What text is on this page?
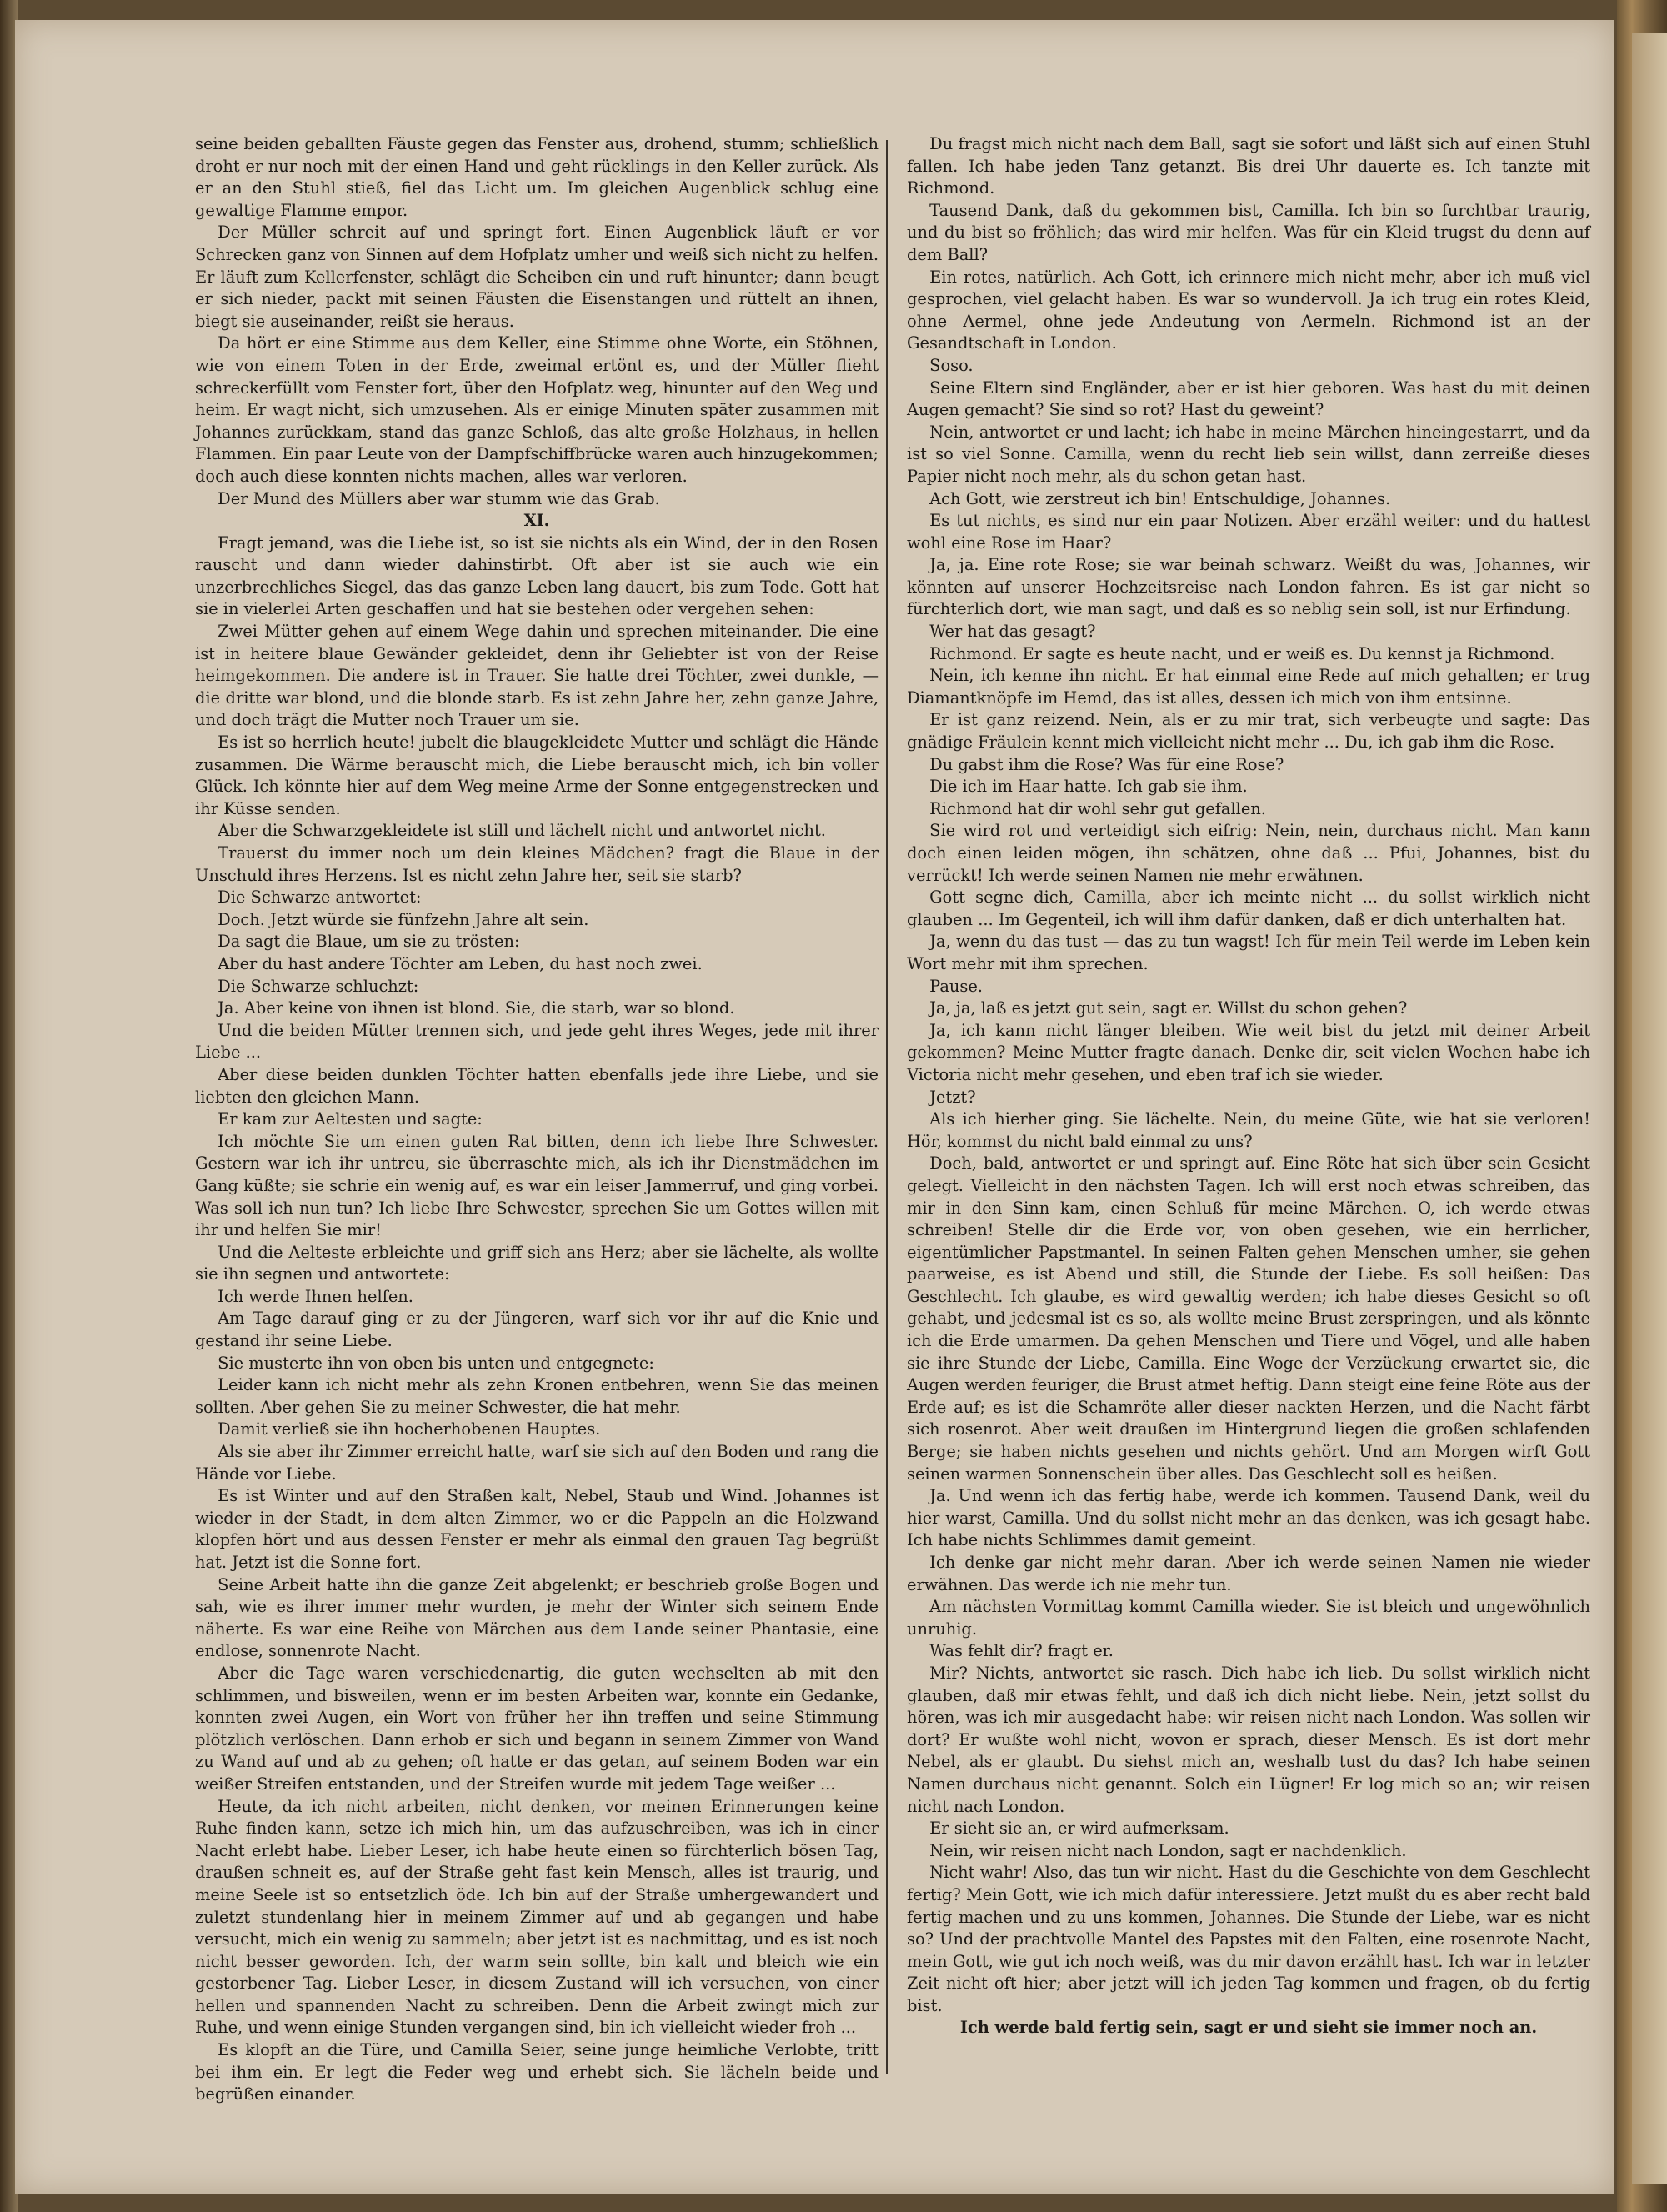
seine beiden geballten Fäuste gegen das Fenster aus, drohend, stumm; schließlich droht er nur noch mit der einen Hand und geht rücklings in den Keller zurück. Als er an den Stuhl stieß, fiel das Licht um. Im gleichen Augenblick schlug eine gewaltige Flamme empor.

Der Müller schreit auf und springt fort. Einen Augenblick läuft er vor Schrecken ganz von Sinnen auf dem Hofplatz umher und weiß sich nicht zu helfen. Er läuft zum Kellerfenster, schlägt die Scheiben ein und ruft hinunter; dann beugt er sich nieder, packt mit seinen Fäusten die Eisenstangen und rüttelt an ihnen, biegt sie auseinander, reißt sie heraus.

Da hört er eine Stimme aus dem Keller, eine Stimme ohne Worte, ein Stöhnen, wie von einem Toten in der Erde, zweimal ertönt es, und der Müller flieht schreckerfüllt vom Fenster fort, über den Hofplatz weg, hinunter auf den Weg und heim. Er wagt nicht, sich umzusehen. Als er einige Minuten später zusammen mit Johannes zurückkam, stand das ganze Schloß, das alte große Holzhaus, in hellen Flammen. Ein paar Leute von der Dampfschiffbrücke waren auch hinzugekommen; doch auch diese konnten nichts machen, alles war verloren.

Der Mund des Müllers aber war stumm wie das Grab.

XI.

Fragt jemand, was die Liebe ist, so ist sie nichts als ein Wind, der in den Rosen rauscht und dann wieder dahinstirbt. Oft aber ist sie auch wie ein unzerbrechliches Siegel, das das ganze Leben lang dauert, bis zum Tode. Gott hat sie in vielerlei Arten geschaffen und hat sie bestehen oder vergehen sehen:

Zwei Mütter gehen auf einem Wege dahin und sprechen miteinander. Die eine ist in heitere blaue Gewänder gekleidet, denn ihr Geliebter ist von der Reise heimgekommen. Die andere ist in Trauer. Sie hatte drei Töchter, zwei dunkle, — die dritte war blond, und die blonde starb. Es ist zehn Jahre her, zehn ganze Jahre, und doch trägt die Mutter noch Trauer um sie.

Es ist so herrlich heute! jubelt die blaugekleidete Mutter und schlägt die Hände zusammen. Die Wärme berauscht mich, die Liebe berauscht mich, ich bin voller Glück. Ich könnte hier auf dem Weg meine Arme der Sonne entgegenstrecken und ihr Küsse senden.

Aber die Schwarzgekleidete ist still und lächelt nicht und antwortet nicht.

Trauerst du immer noch um dein kleines Mädchen? fragt die Blaue in der Unschuld ihres Herzens. Ist es nicht zehn Jahre her, seit sie starb?

Die Schwarze antwortet:

Doch. Jetzt würde sie fünfzehn Jahre alt sein.

Da sagt die Blaue, um sie zu trösten:

Aber du hast andere Töchter am Leben, du hast noch zwei.

Die Schwarze schluchzt:

Ja. Aber keine von ihnen ist blond. Sie, die starb, war so blond.

Und die beiden Mütter trennen sich, und jede geht ihres Weges, jede mit ihrer Liebe ...

Aber diese beiden dunklen Töchter hatten ebenfalls jede ihre Liebe, und sie liebten den gleichen Mann.

Er kam zur Aeltesten und sagte:

Ich möchte Sie um einen guten Rat bitten, denn ich liebe Ihre Schwester. Gestern war ich ihr untreu, sie überraschte mich, als ich ihr Dienstmädchen im Gang küßte; sie schrie ein wenig auf, es war ein leiser Jammerruf, und ging vorbei. Was soll ich nun tun? Ich liebe Ihre Schwester, sprechen Sie um Gottes willen mit ihr und helfen Sie mir!

Und die Aelteste erbleichte und griff sich ans Herz; aber sie lächelte, als wollte sie ihn segnen und antwortete:

Ich werde Ihnen helfen.

Am Tage darauf ging er zu der Jüngeren, warf sich vor ihr auf die Knie und gestand ihr seine Liebe.

Sie musterte ihn von oben bis unten und entgegnete:

Leider kann ich nicht mehr als zehn Kronen entbehren, wenn Sie das meinen sollten. Aber gehen Sie zu meiner Schwester, die hat mehr.

Damit verließ sie ihn hocherhobenen Hauptes.

Als sie aber ihr Zimmer erreicht hatte, warf sie sich auf den Boden und rang die Hände vor Liebe.

Es ist Winter und auf den Straßen kalt, Nebel, Staub und Wind. Johannes ist wieder in der Stadt, in dem alten Zimmer, wo er die Pappeln an die Holzwand klopfen hört und aus dessen Fenster er mehr als einmal den grauen Tag begrüßt hat. Jetzt ist die Sonne fort.

Seine Arbeit hatte ihn die ganze Zeit abgelenkt; er beschrieb große Bogen und sah, wie es ihrer immer mehr wurden, je mehr der Winter sich seinem Ende näherte. Es war eine Reihe von Märchen aus dem Lande seiner Phantasie, eine endlose, sonnenrote Nacht.

Aber die Tage waren verschiedenartig, die guten wechselten ab mit den schlimmen, und bisweilen, wenn er im besten Arbeiten war, konnte ein Gedanke, konnten zwei Augen, ein Wort von früher her ihn treffen und seine Stimmung plötzlich verlöschen. Dann erhob er sich und begann in seinem Zimmer von Wand zu Wand auf und ab zu gehen; oft hatte er das getan, auf seinem Boden war ein weißer Streifen entstanden, und der Streifen wurde mit jedem Tage weißer ...

Heute, da ich nicht arbeiten, nicht denken, vor meinen Erinnerungen keine Ruhe finden kann, setze ich mich hin, um das aufzuschreiben, was ich in einer Nacht erlebt habe. Lieber Leser, ich habe heute einen so fürchterlich bösen Tag, draußen schneit es, auf der Straße geht fast kein Mensch, alles ist traurig, und meine Seele ist so entsetzlich öde. Ich bin auf der Straße umhergewandert und zuletzt stundenlang hier in meinem Zimmer auf und ab gegangen und habe versucht, mich ein wenig zu sammeln; aber jetzt ist es nachmittag, und es ist noch nicht besser geworden. Ich, der warm sein sollte, bin kalt und bleich wie ein gestorbener Tag. Lieber Leser, in diesem Zustand will ich versuchen, von einer hellen und spannenden Nacht zu schreiben. Denn die Arbeit zwingt mich zur Ruhe, und wenn einige Stunden vergangen sind, bin ich vielleicht wieder froh ...

Es klopft an die Türe, und Camilla Seier, seine junge heimliche Verlobte, tritt bei ihm ein. Er legt die Feder weg und erhebt sich. Sie lächeln beide und begrüßen einander.

Du fragst mich nicht nach dem Ball, sagt sie sofort und läßt sich auf einen Stuhl fallen. Ich habe jeden Tanz getanzt. Bis drei Uhr dauerte es. Ich tanzte mit Richmond.

Tausend Dank, daß du gekommen bist, Camilla. Ich bin so furchtbar traurig, und du bist so fröhlich; das wird mir helfen. Was für ein Kleid trugst du denn auf dem Ball?

Ein rotes, natürlich. Ach Gott, ich erinnere mich nicht mehr, aber ich muß viel gesprochen, viel gelacht haben. Es war so wundervoll. Ja ich trug ein rotes Kleid, ohne Aermel, ohne jede Andeutung von Aermeln. Richmond ist an der Gesandtschaft in London.

Soso.

Seine Eltern sind Engländer, aber er ist hier geboren. Was hast du mit deinen Augen gemacht? Sie sind so rot? Hast du geweint?

Nein, antwortet er und lacht; ich habe in meine Märchen hineingestarrt, und da ist so viel Sonne. Camilla, wenn du recht lieb sein willst, dann zerreiße dieses Papier nicht noch mehr, als du schon getan hast.

Ach Gott, wie zerstreut ich bin! Entschuldige, Johannes.

Es tut nichts, es sind nur ein paar Notizen. Aber erzähl weiter: und du hattest wohl eine Rose im Haar?

Ja, ja. Eine rote Rose; sie war beinah schwarz. Weißt du was, Johannes, wir könnten auf unserer Hochzeitsreise nach London fahren. Es ist gar nicht so fürchterlich dort, wie man sagt, und daß es so neblig sein soll, ist nur Erfindung.

Wer hat das gesagt?

Richmond. Er sagte es heute nacht, und er weiß es. Du kennst ja Richmond.

Nein, ich kenne ihn nicht. Er hat einmal eine Rede auf mich gehalten; er trug Diamantknöpfe im Hemd, das ist alles, dessen ich mich von ihm entsinne.

Er ist ganz reizend. Nein, als er zu mir trat, sich verbeugte und sagte: Das gnädige Fräulein kennt mich vielleicht nicht mehr ... Du, ich gab ihm die Rose.

Du gabst ihm die Rose? Was für eine Rose?

Die ich im Haar hatte. Ich gab sie ihm.

Richmond hat dir wohl sehr gut gefallen.

Sie wird rot und verteidigt sich eifrig: Nein, nein, durchaus nicht. Man kann doch einen leiden mögen, ihn schätzen, ohne daß ... Pfui, Johannes, bist du verrückt! Ich werde seinen Namen nie mehr erwähnen.

Gott segne dich, Camilla, aber ich meinte nicht ... du sollst wirklich nicht glauben ... Im Gegenteil, ich will ihm dafür danken, daß er dich unterhalten hat.

Ja, wenn du das tust — das zu tun wagst! Ich für mein Teil werde im Leben kein Wort mehr mit ihm sprechen.

Pause.

Ja, ja, laß es jetzt gut sein, sagt er. Willst du schon gehen?

Ja, ich kann nicht länger bleiben. Wie weit bist du jetzt mit deiner Arbeit gekommen? Meine Mutter fragte danach. Denke dir, seit vielen Wochen habe ich Victoria nicht mehr gesehen, und eben traf ich sie wieder.

Jetzt?

Als ich hierher ging. Sie lächelte. Nein, du meine Güte, wie hat sie verloren! Hör, kommst du nicht bald einmal zu uns?

Doch, bald, antwortet er und springt auf. Eine Röte hat sich über sein Gesicht gelegt. Vielleicht in den nächsten Tagen. Ich will erst noch etwas schreiben, das mir in den Sinn kam, einen Schluß für meine Märchen. O, ich werde etwas schreiben! Stelle dir die Erde vor, von oben gesehen, wie ein herrlicher, eigentümlicher Papstmantel. In seinen Falten gehen Menschen umher, sie gehen paarweise, es ist Abend und still, die Stunde der Liebe. Es soll heißen: Das Geschlecht. Ich glaube, es wird gewaltig werden; ich habe dieses Gesicht so oft gehabt, und jedesmal ist es so, als wollte meine Brust zerspringen, und als könnte ich die Erde umarmen. Da gehen Menschen und Tiere und Vögel, und alle haben sie ihre Stunde der Liebe, Camilla. Eine Woge der Verzückung erwartet sie, die Augen werden feuriger, die Brust atmet heftig. Dann steigt eine feine Röte aus der Erde auf; es ist die Schamröte aller dieser nackten Herzen, und die Nacht färbt sich rosenrot. Aber weit draußen im Hintergrund liegen die großen schlafenden Berge; sie haben nichts gesehen und nichts gehört. Und am Morgen wirft Gott seinen warmen Sonnenschein über alles. Das Geschlecht soll es heißen.

Ja. Und wenn ich das fertig habe, werde ich kommen. Tausend Dank, weil du hier warst, Camilla. Und du sollst nicht mehr an das denken, was ich gesagt habe. Ich habe nichts Schlimmes damit gemeint.

Ich denke gar nicht mehr daran. Aber ich werde seinen Namen nie wieder erwähnen. Das werde ich nie mehr tun.

Am nächsten Vormittag kommt Camilla wieder. Sie ist bleich und ungewöhnlich unruhig.

Was fehlt dir? fragt er.

Mir? Nichts, antwortet sie rasch. Dich habe ich lieb. Du sollst wirklich nicht glauben, daß mir etwas fehlt, und daß ich dich nicht liebe. Nein, jetzt sollst du hören, was ich mir ausgedacht habe: wir reisen nicht nach London. Was sollen wir dort? Er wußte wohl nicht, wovon er sprach, dieser Mensch. Es ist dort mehr Nebel, als er glaubt. Du siehst mich an, weshalb tust du das? Ich habe seinen Namen durchaus nicht genannt. Solch ein Lügner! Er log mich so an; wir reisen nicht nach London.

Er sieht sie an, er wird aufmerksam.

Nein, wir reisen nicht nach London, sagt er nachdenklich.

Nicht wahr! Also, das tun wir nicht. Hast du die Geschichte von dem Geschlecht fertig? Mein Gott, wie ich mich dafür interessiere. Jetzt mußt du es aber recht bald fertig machen und zu uns kommen, Johannes. Die Stunde der Liebe, war es nicht so? Und der prachtvolle Mantel des Papstes mit den Falten, eine rosenrote Nacht, mein Gott, wie gut ich noch weiß, was du mir davon erzählt hast. Ich war in letzter Zeit nicht oft hier; aber jetzt will ich jeden Tag kommen und fragen, ob du fertig bist.

Ich werde bald fertig sein, sagt er und sieht sie immer noch an.
